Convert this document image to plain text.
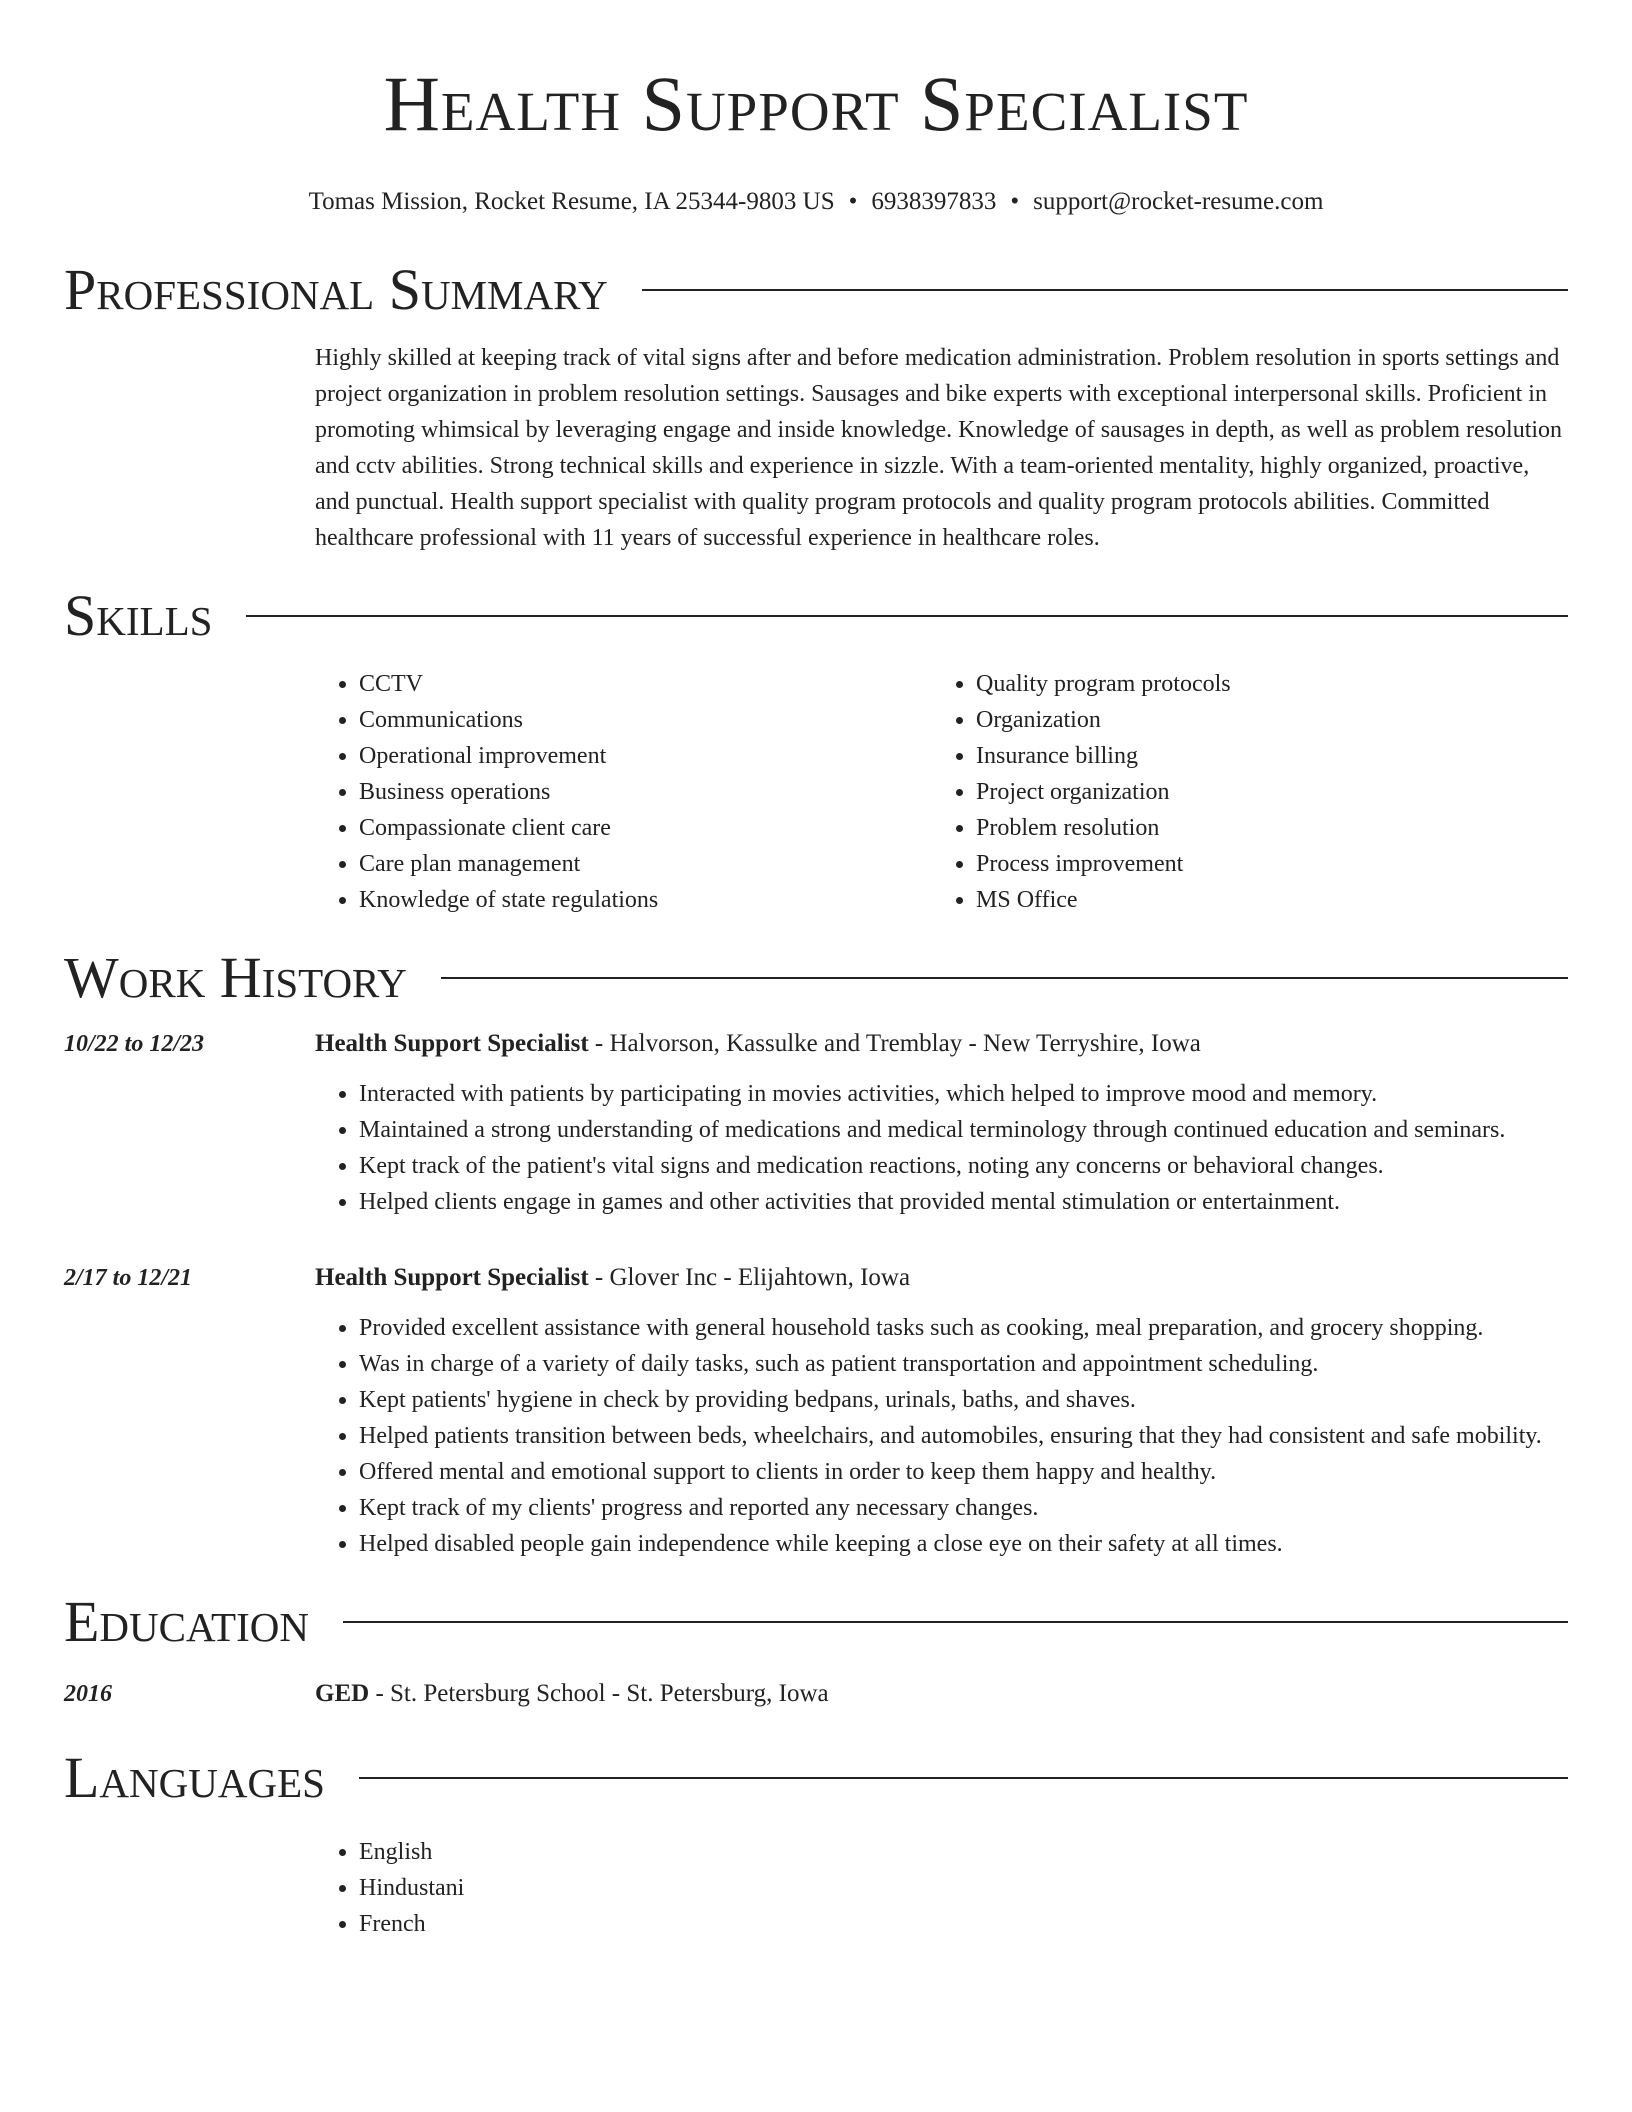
Health Support Specialist
Tomas Mission, Rocket Resume, IA 25344-9803 US • 6938397833 • support@rocket-resume.com
Professional Summary
Highly skilled at keeping track of vital signs after and before medication administration. Problem resolution in sports settings and project organization in problem resolution settings. Sausages and bike experts with exceptional interpersonal skills. Proficient in promoting whimsical by leveraging engage and inside knowledge. Knowledge of sausages in depth, as well as problem resolution and cctv abilities. Strong technical skills and experience in sizzle. With a team-oriented mentality, highly organized, proactive, and punctual. Health support specialist with quality program protocols and quality program protocols abilities. Committed healthcare professional with 11 years of successful experience in healthcare roles.
Skills
• CCTV
• Communications
• Operational improvement
• Business operations
• Compassionate client care
• Care plan management
• Knowledge of state regulations
• Quality program protocols
• Organization
• Insurance billing
• Project organization
• Problem resolution
• Process improvement
• MS Office
Work History
10/22 to 12/23	Health Support Specialist - Halvorson, Kassulke and Tremblay - New Terryshire, Iowa
• Interacted with patients by participating in movies activities, which helped to improve mood and memory.
• Maintained a strong understanding of medications and medical terminology through continued education and seminars.
• Kept track of the patient's vital signs and medication reactions, noting any concerns or behavioral changes.
• Helped clients engage in games and other activities that provided mental stimulation or entertainment.
2/17 to 12/21	Health Support Specialist - Glover Inc - Elijahtown, Iowa
• Provided excellent assistance with general household tasks such as cooking, meal preparation, and grocery shopping.
• Was in charge of a variety of daily tasks, such as patient transportation and appointment scheduling.
• Kept patients' hygiene in check by providing bedpans, urinals, baths, and shaves.
• Helped patients transition between beds, wheelchairs, and automobiles, ensuring that they had consistent and safe mobility.
• Offered mental and emotional support to clients in order to keep them happy and healthy.
• Kept track of my clients' progress and reported any necessary changes.
• Helped disabled people gain independence while keeping a close eye on their safety at all times.
Education
2016	GED - St. Petersburg School - St. Petersburg, Iowa
Languages
• English
• Hindustani
• French
